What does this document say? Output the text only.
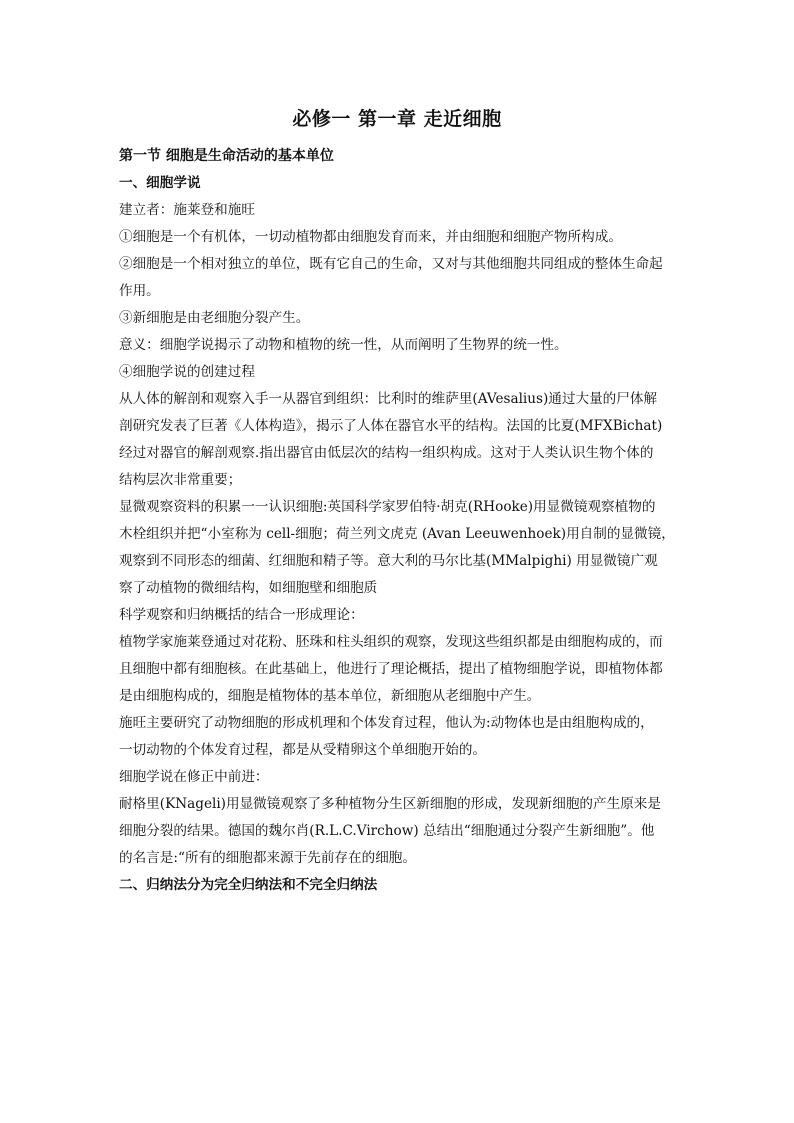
必修一 第一章 走近细胞

第一节 细胞是生命活动的基本单位

一、细胞学说

建立者：施莱登和施旺

①细胞是一个有机体，一切动植物都由细胞发育而来，并由细胞和细胞产物所构成。

②细胞是一个相对独立的单位，既有它自己的生命，又对与其他细胞共同组成的整体生命起

作用。

③新细胞是由老细胞分裂产生。

意义：细胞学说揭示了动物和植物的统一性，从而阐明了生物界的统一性。

④细胞学说的创建过程

从人体的解剖和观察入手一从器官到组织：比利时的维萨里(AVesalius)通过大量的尸体解

剖研究发表了巨著《人体构造》，揭示了人体在器官水平的结构。法国的比夏(MFXBichat)

经过对器官的解剖观察.指出器官由低层次的结构一组织构成。这对于人类认识生物个体的

结构层次非常重要；

显微观察资料的积累一一认识细胞:英国科学家罗伯特·胡克(RHooke)用显微镜观察植物的

木栓组织并把“小室称为 cell-细胞；荷兰列文虎克 (Avan Leeuwenhoek)用自制的显微镜，

观察到不同形态的细菌、红细胞和精子等。意大利的马尔比基(MMalpighi) 用显微镜广观

察了动植物的微细结构，如细胞壁和细胞质

科学观察和归纳概括的结合一形成理论：

植物学家施莱登通过对花粉、胚珠和柱头组织的观察，发现这些组织都是由细胞构成的，而

且细胞中都有细胞核。在此基础上，他进行了理论概括，提出了植物细胞学说，即植物体都

是由细胞构成的，细胞是植物体的基本单位，新细胞从老细胞中产生。

施旺主要研究了动物细胞的形成机理和个体发育过程，他认为:动物体也是由组胞构成的，

一切动物的个体发育过程，都是从受精卵这个单细胞开始的。

细胞学说在修正中前进：

耐格里(KNageli)用显微镜观察了多种植物分生区新细胞的形成，发现新细胞的产生原来是

细胞分裂的结果。德国的魏尔肖(R.L.C.Virchow) 总结出“细胞通过分裂产生新细胞”。他

的名言是:“所有的细胞都来源于先前存在的细胞。

二、归纳法分为完全归纳法和不完全归纳法
